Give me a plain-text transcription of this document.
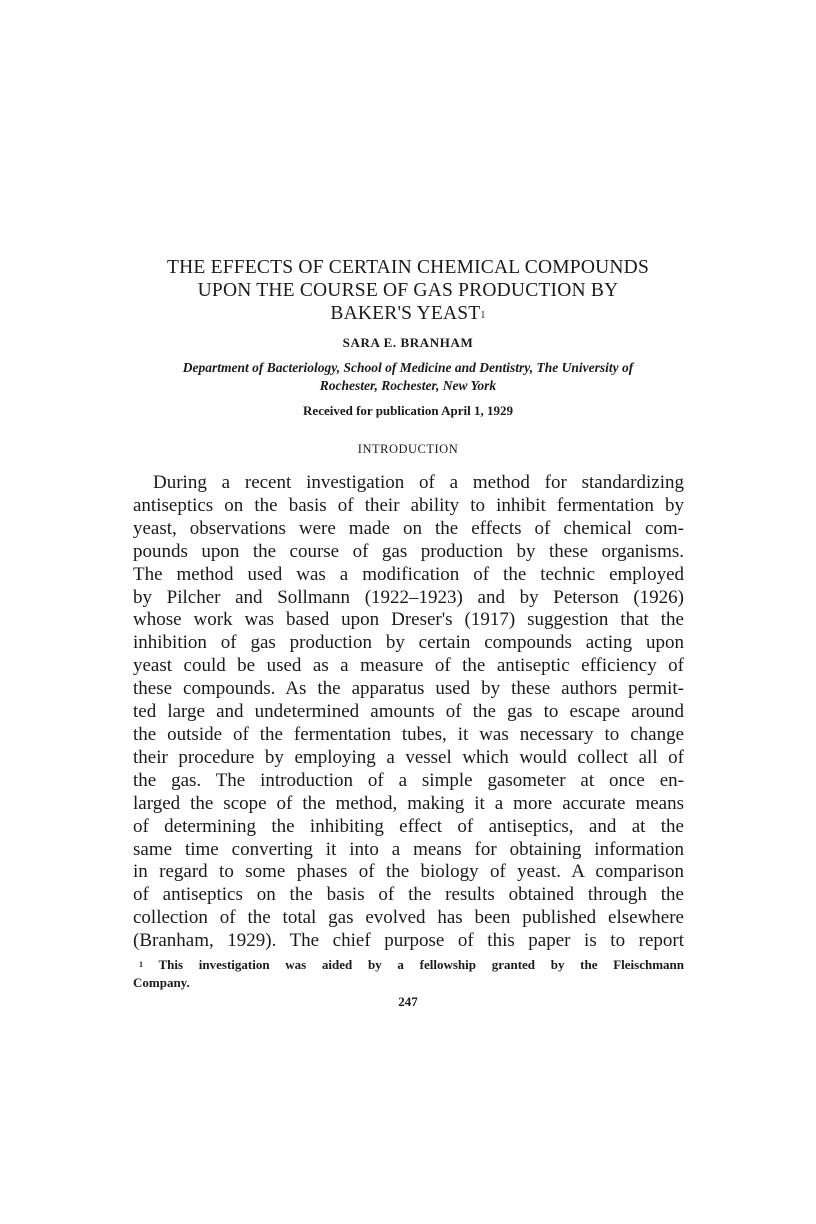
THE EFFECTS OF CERTAIN CHEMICAL COMPOUNDS
UPON THE COURSE OF GAS PRODUCTION BY
BAKER'S YEAST$^1$
SARA E. BRANHAM
Department of Bacteriology, School of Medicine and Dentistry, The University of
Rochester, Rochester, New York
Received for publication April 1, 1929
INTRODUCTION
During a recent investigation of a method for standardizing
antiseptics on the basis of their ability to inhibit fermentation by
yeast, observations were made on the effects of chemical com-
pounds upon the course of gas production by these organisms.
The method used was a modification of the technic employed
by Pilcher and Sollmann (1922–1923) and by Peterson (1926)
whose work was based upon Dreser's (1917) suggestion that the
inhibition of gas production by certain compounds acting upon
yeast could be used as a measure of the antiseptic efficiency of
these compounds. As the apparatus used by these authors permit-
ted large and undetermined amounts of the gas to escape around
the outside of the fermentation tubes, it was necessary to change
their procedure by employing a vessel which would collect all of
the gas. The introduction of a simple gasometer at once en-
larged the scope of the method, making it a more accurate means
of determining the inhibiting effect of antiseptics, and at the
same time converting it into a means for obtaining information
in regard to some phases of the biology of yeast. A comparison
of antiseptics on the basis of the results obtained through the
collection of the total gas evolved has been published elsewhere
(Branham, 1929). The chief purpose of this paper is to report
$^1$ This investigation was aided by a fellowship granted by the Fleischmann
Company.
247
